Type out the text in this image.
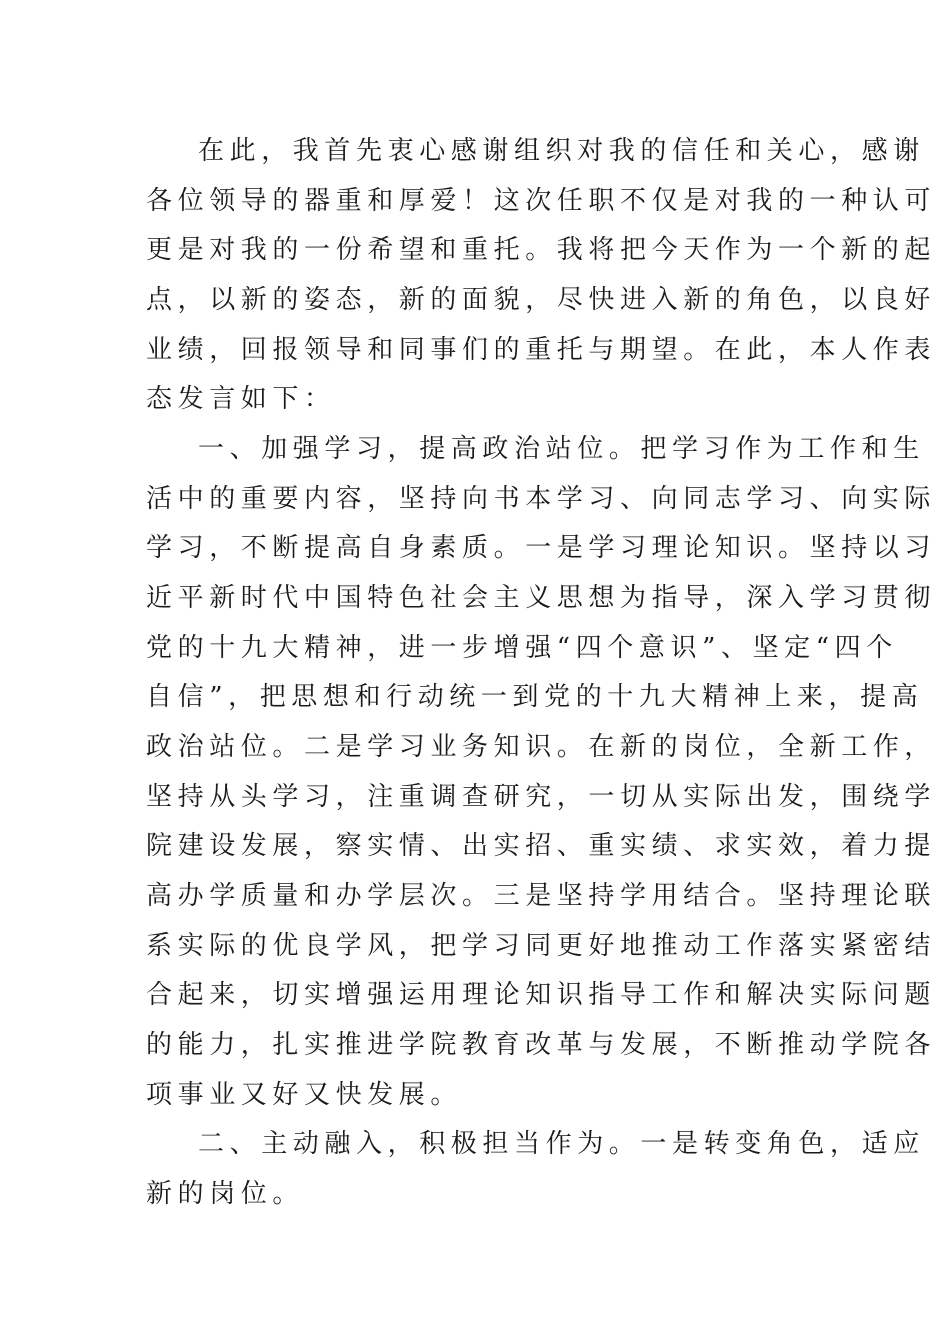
在此，我首先衷心感谢组织对我的信任和关心，感谢
各位领导的器重和厚爱！这次任职不仅是对我的一种认可
更是对我的一份希望和重托。我将把今天作为一个新的起
点，以新的姿态，新的面貌，尽快进入新的角色，以良好
业绩，回报领导和同事们的重托与期望。在此，本人作表
态发言如下：
一、加强学习，提高政治站位。把学习作为工作和生
活中的重要内容，坚持向书本学习、向同志学习、向实际
学习，不断提高自身素质。一是学习理论知识。坚持以习
近平新时代中国特色社会主义思想为指导，深入学习贯彻
党的十九大精神，进一步增强“四个意识”、坚定“四个
自信”，把思想和行动统一到党的十九大精神上来，提高
政治站位。二是学习业务知识。在新的岗位，全新工作，
坚持从头学习，注重调查研究，一切从实际出发，围绕学
院建设发展，察实情、出实招、重实绩、求实效，着力提
高办学质量和办学层次。三是坚持学用结合。坚持理论联
系实际的优良学风，把学习同更好地推动工作落实紧密结
合起来，切实增强运用理论知识指导工作和解决实际问题
的能力，扎实推进学院教育改革与发展，不断推动学院各
项事业又好又快发展。
二、主动融入，积极担当作为。一是转变角色，适应
新的岗位。
